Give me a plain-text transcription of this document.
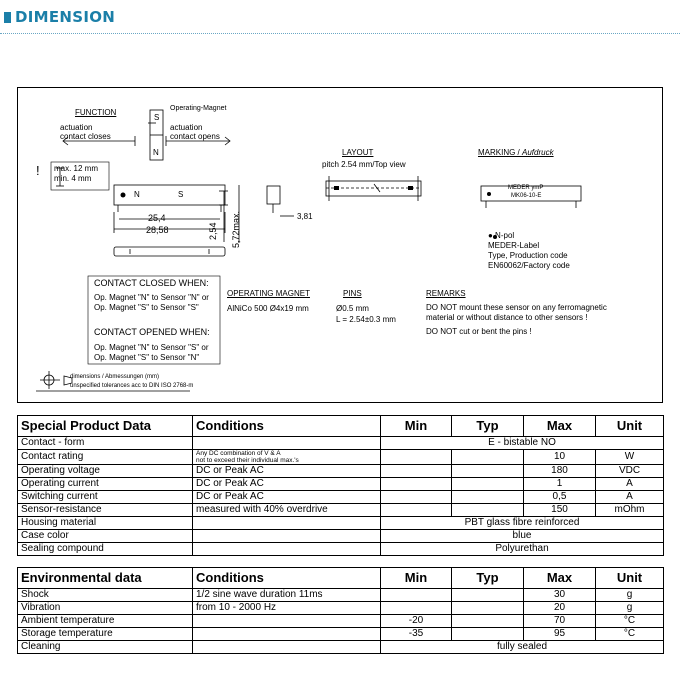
DIMENSION
FUNCTION
actuation
contact closes
Operating-Magnet
actuation
contact opens
S
N
! max. 12 mm
min. 4 mm
N	S
25,4
28,58	2,54 5,72max.	3,81
LAYOUT
pitch 2.54 mm/Top view
MARKING / Aufdruck
MEDER ymP
MK06-10-E
● N-pol
MEDER-Label
Type, Production code
EN60062/Factory code
CONTACT CLOSED WHEN:
Op. Magnet "N" to Sensor "N" or
Op. Magnet "S" to Sensor "S"
CONTACT OPENED WHEN:
Op. Magnet "N" to Sensor "S" or
Op. Magnet "S" to Sensor "N"
OPERATING MAGNET
AlNiCo 500 Ø4x19 mm
PINS
Ø0.5 mm
L = 2.54±0.3 mm
REMARKS
DO NOT mount these sensor on any ferromagnetic
material or without distance to other sensors !
DO NOT cut or bent the pins !
dimensions / Abmessungen (mm)
unspecified tolerances acc to DIN ISO 2768-m
Special Product Data	Conditions	Min	Typ	Max	Unit
Contact - form		E - bistable NO			
Contact rating	Any DC combination of V & A
not to exceed their individual max.'s			10	W
Operating voltage	DC or Peak AC			180	VDC
Operating current	DC or Peak AC			1	A
Switching current	DC or Peak AC			0,5	A
Sensor-resistance	measured with 40% overdrive			150	mOhm
Housing material		PBT glass fibre reinforced			
Case color		blue			
Sealing compound		Polyurethan			
Environmental data	Conditions	Min	Typ	Max	Unit
Shock	1/2 sine wave duration 11ms			30	g
Vibration	from 10 - 2000 Hz			20	g
Ambient temperature		-20		70	°C
Storage temperature		-35		95	°C
Cleaning		fully sealed			
